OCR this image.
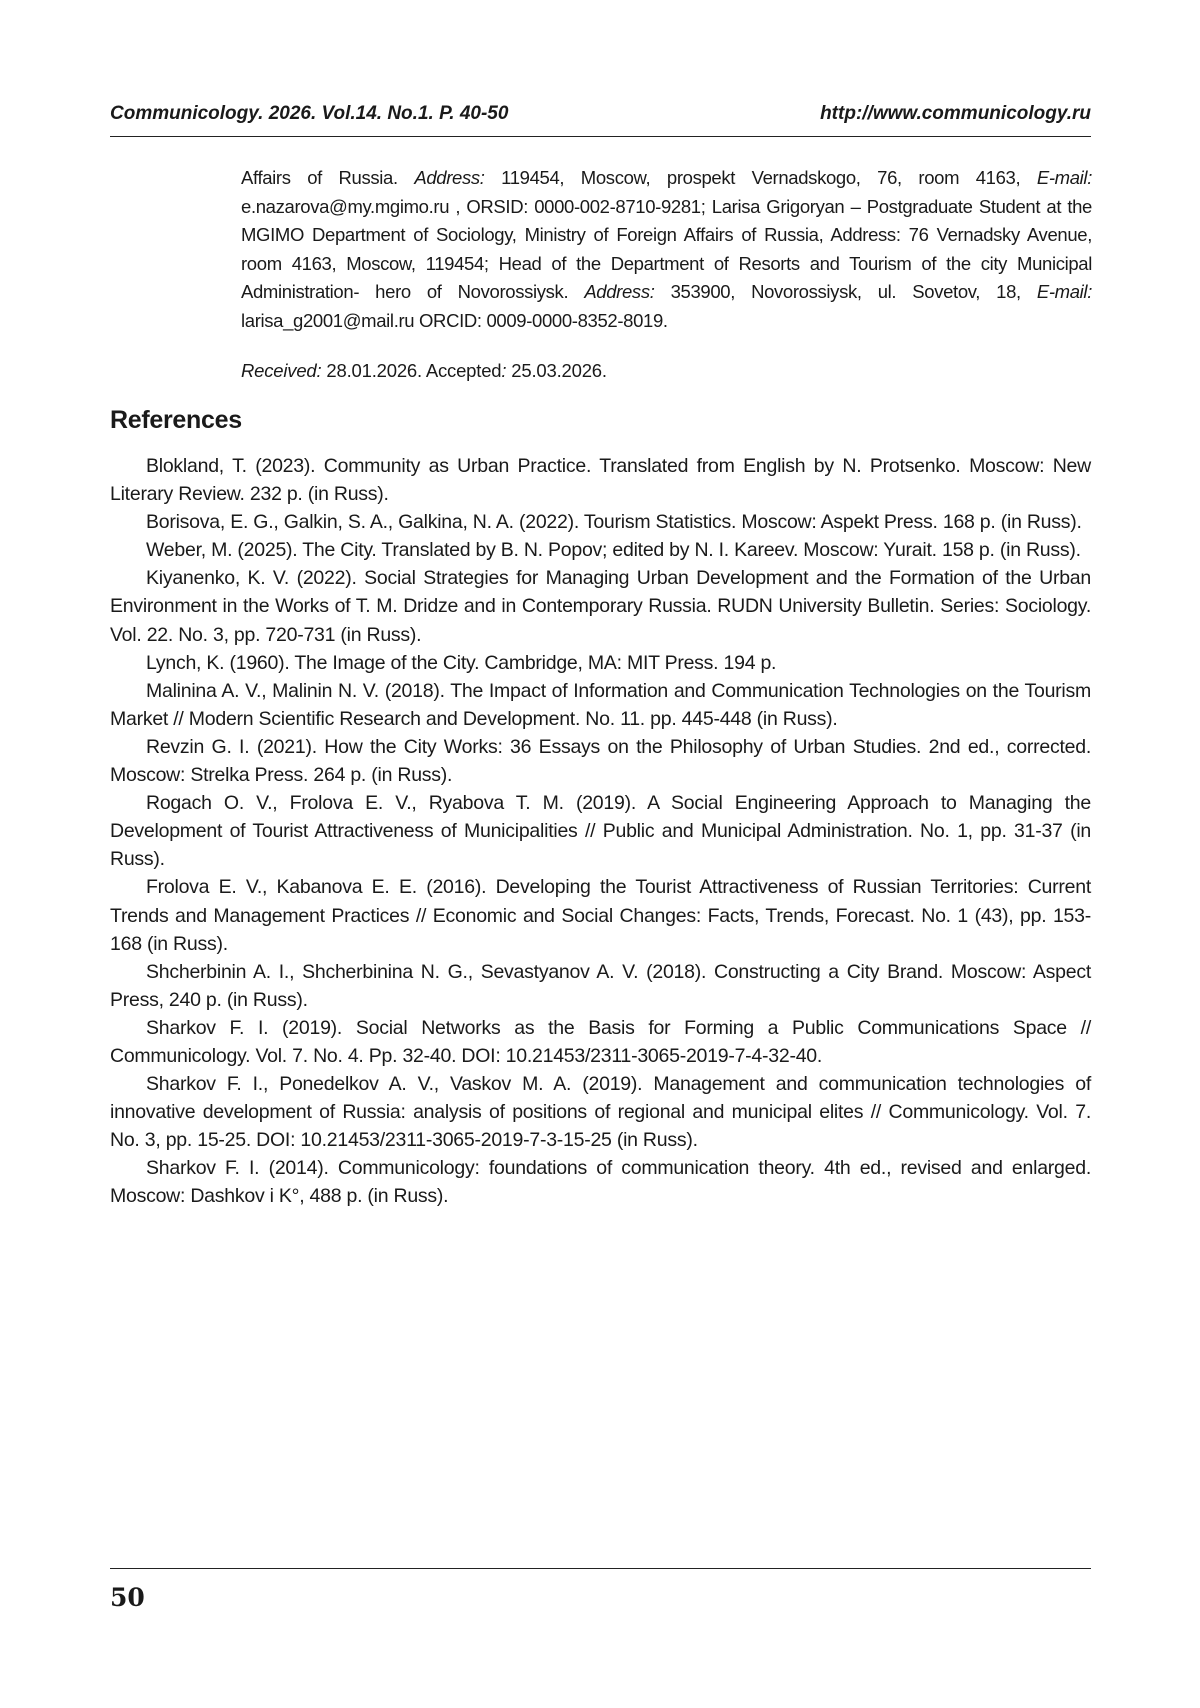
Communicology. 2026. Vol.14. No.1. P. 40-50	http://www.communicology.ru

Affairs of Russia. Address: 119454, Moscow, prospekt Vernadskogo, 76, room 4163, E-mail: e.nazarova@my.mgimo.ru , ORSID: 0000-002-8710-9281; Larisa Grigoryan – Postgraduate Student at the MGIMO Department of Sociology, Ministry of Foreign Affairs of Russia, Address: 76 Vernadsky Avenue, room 4163, Moscow, 119454; Head of the Department of Resorts and Tourism of the city Municipal Administration- hero of Novorossiysk. Address: 353900, Novorossiysk, ul. Sovetov, 18, E-mail: larisa_g2001@mail.ru ORCID: 0009-0000-8352-8019.

Received: 28.01.2026. Accepted: 25.03.2026.
References

Blokland, T. (2023). Community as Urban Practice. Translated from English by N. Protsenko. Moscow: New Literary Review. 232 p. (in Russ).

Borisova, E. G., Galkin, S. A., Galkina, N. A. (2022). Tourism Statistics. Moscow: Aspekt Press. 168 p. (in Russ).

Weber, M. (2025). The City. Translated by B. N. Popov; edited by N. I. Kareev. Moscow: Yurait. 158 p. (in Russ).

Kiyanenko, K. V. (2022). Social Strategies for Managing Urban Development and the Formation of the Urban Environment in the Works of T. M. Dridze and in Contemporary Russia. RUDN University Bulletin. Series: Sociology. Vol. 22. No. 3, pp. 720-731 (in Russ).

Lynch, K. (1960). The Image of the City. Cambridge, MA: MIT Press. 194 p.

Malinina A. V., Malinin N. V. (2018). The Impact of Information and Communication Technologies on the Tourism Market // Modern Scientific Research and Development. No. 11. pp. 445-448 (in Russ).

Revzin G. I. (2021). How the City Works: 36 Essays on the Philosophy of Urban Studies. 2nd ed., corrected. Moscow: Strelka Press. 264 p. (in Russ).

Rogach O. V., Frolova E. V., Ryabova T. M. (2019). A Social Engineering Approach to Managing the Development of Tourist Attractiveness of Municipalities // Public and Municipal Administration. No. 1, pp. 31-37 (in Russ).

Frolova E. V., Kabanova E. E. (2016). Developing the Tourist Attractiveness of Russian Territories: Current Trends and Management Practices // Economic and Social Changes: Facts, Trends, Forecast. No. 1 (43), pp. 153-168 (in Russ).

Shcherbinin A. I., Shcherbinina N. G., Sevastyanov A. V. (2018). Constructing a City Brand. Moscow: Aspect Press, 240 p. (in Russ).

Sharkov F. I. (2019). Social Networks as the Basis for Forming a Public Communications Space // Communicology. Vol. 7. No. 4. Pp. 32-40. DOI: 10.21453/2311-3065-2019-7-4-32-40.

Sharkov F. I., Ponedelkov A. V., Vaskov M. A. (2019). Management and communication technologies of innovative development of Russia: analysis of positions of regional and municipal elites // Communicology. Vol. 7. No. 3, pp. 15-25. DOI: 10.21453/2311-3065-2019-7-3-15-25 (in Russ).

Sharkov F. I. (2014). Communicology: foundations of communication theory. 4th ed., revised and enlarged. Moscow: Dashkov i K°, 488 p. (in Russ).

50
